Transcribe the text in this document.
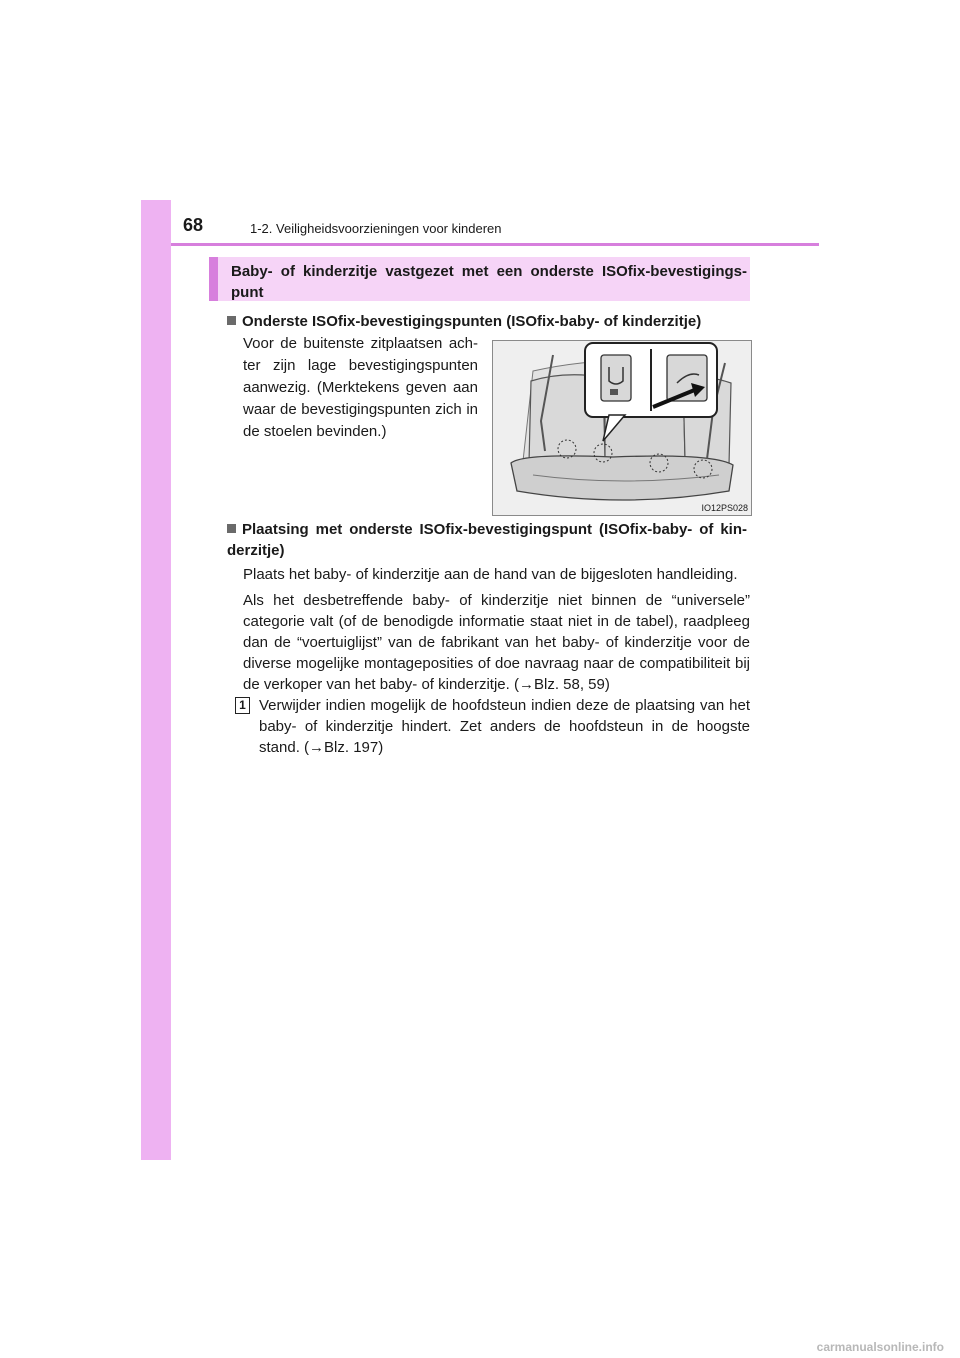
68	1-2. Veiligheidsvoorzieningen voor kinderen
Baby- of kinderzitje vastgezet met een onderste ISOfix-bevestigings-punt
Onderste ISOfix-bevestigingspunten (ISOfix-baby- of kinderzitje)
Voor de buitenste zitplaatsen ach-ter zijn lage bevestigingspunten aanwezig. (Merktekens geven aan waar de bevestigingspunten zich in de stoelen bevinden.)
IO12PS028
Plaatsing met onderste ISOfix-bevestigingspunt (ISOfix-baby- of kin-derzitje)
Plaats het baby- of kinderzitje aan de hand van de bijgesloten handleiding.
Als het desbetreffende baby- of kinderzitje niet binnen de “universele” categorie valt (of de benodigde informatie staat niet in de tabel), raadpleeg dan de “voertuiglijst” van de fabrikant van het baby- of kinderzitje voor de diverse mogelijke montageposities of doe navraag naar de compatibiliteit bij de verkoper van het baby- of kinderzitje. (→Blz. 58, 59)
1 Verwijder indien mogelijk de hoofdsteun indien deze de plaatsing van het baby- of kinderzitje hindert. Zet anders de hoofdsteun in de hoogste stand. (→Blz. 197)
carmanualsonline.info
